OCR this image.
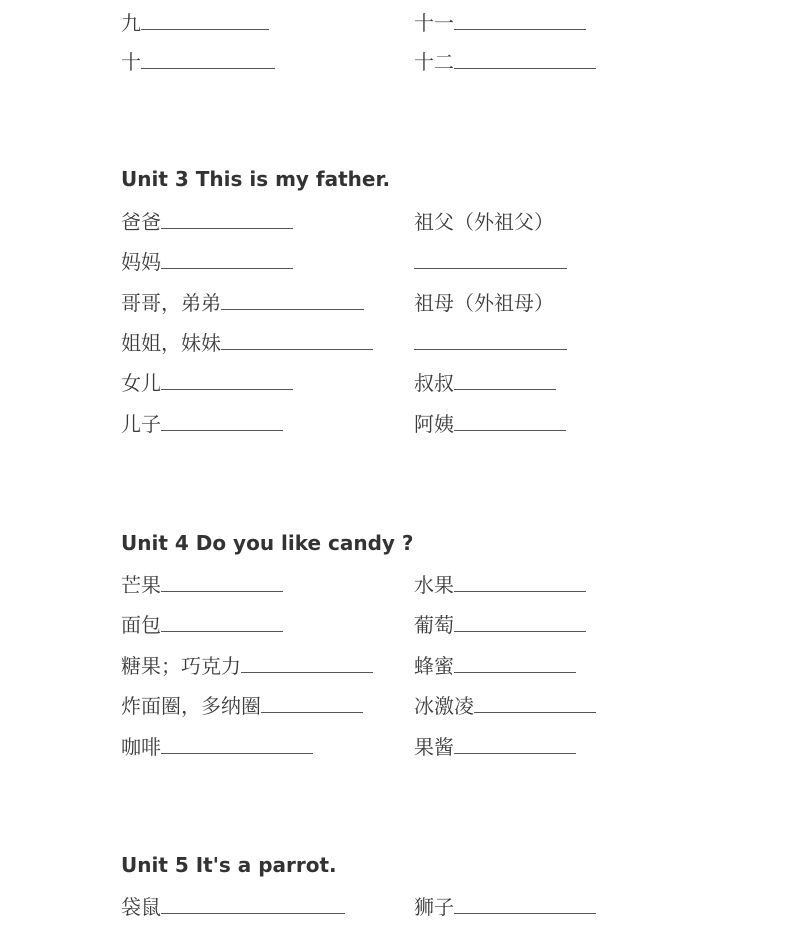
九	十一
十	十二
Unit 3 This is my father.
爸爸	祖父（外祖父）
妈妈
哥哥，弟弟	祖母（外祖母）
姐姐，妹妹
女儿	叔叔
儿子	阿姨
Unit 4 Do you like candy ?
芒果	水果
面包	葡萄
糖果；巧克力	蜂蜜
炸面圈，多纳圈	冰激凌
咖啡	果酱
Unit 5 It's a parrot.
袋鼠	狮子
